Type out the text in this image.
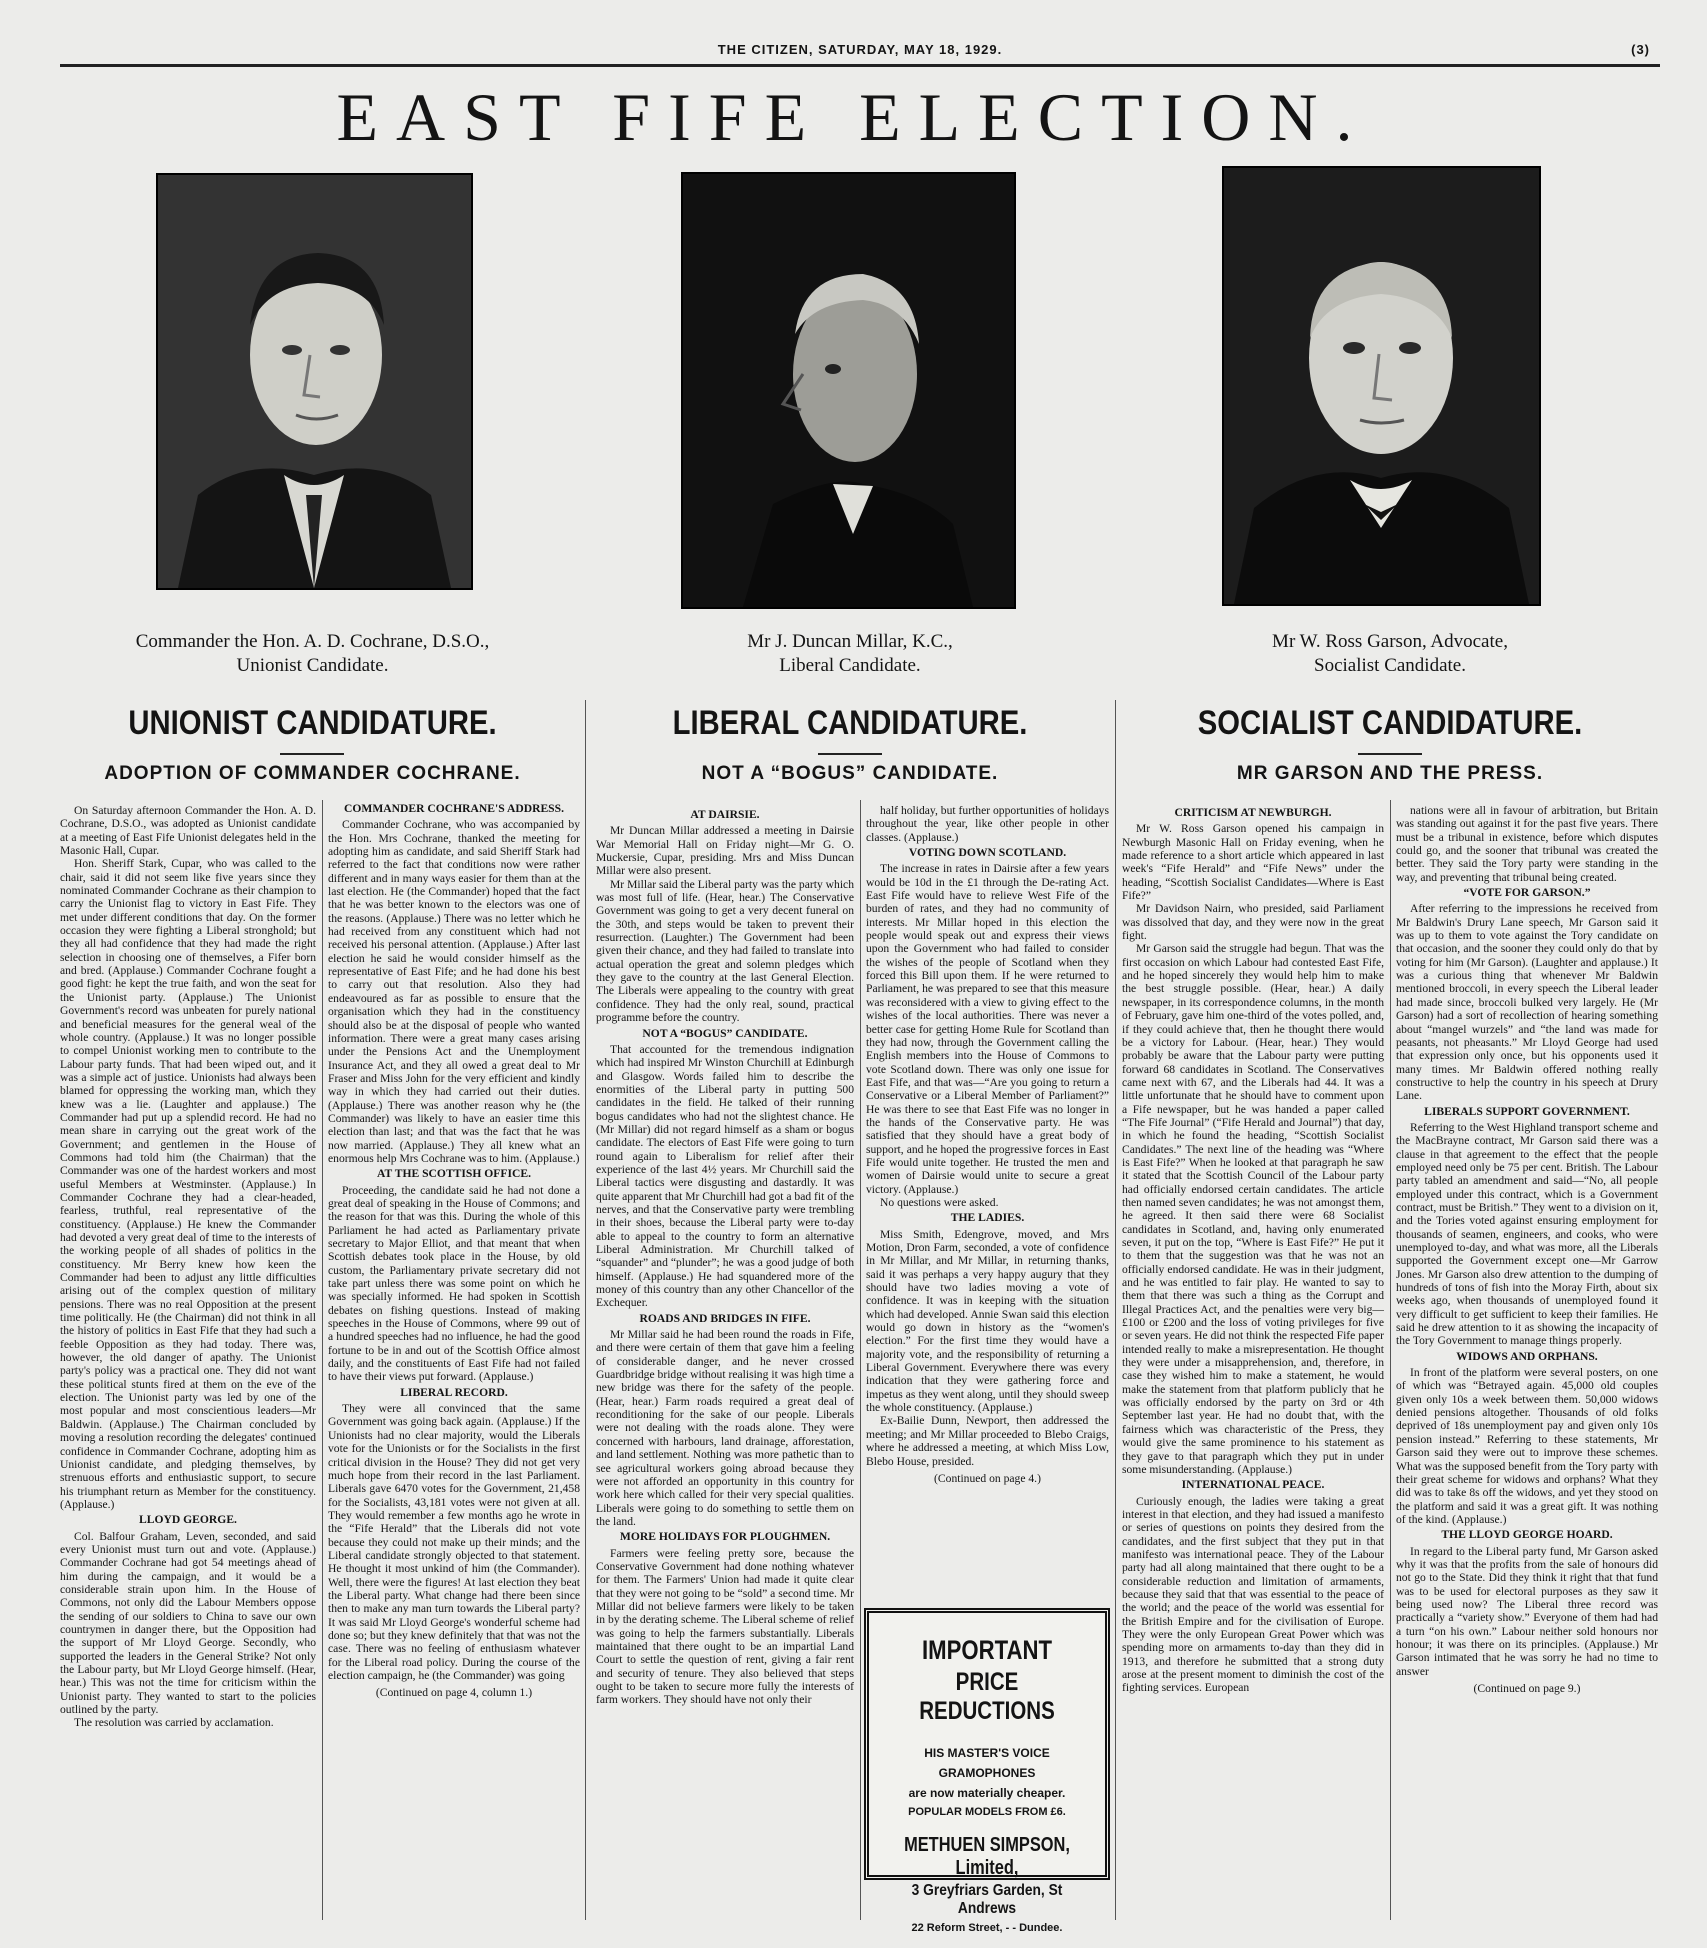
THE CITIZEN, SATURDAY, MAY 18, 1929.	(3)
EAST FIFE ELECTION.
Commander the Hon. A. D. Cochrane, D.S.O.,
Unionist Candidate.
Mr J. Duncan Millar, K.C.,
Liberal Candidate.
Mr W. Ross Garson, Advocate,
Socialist Candidate.
UNIONIST CANDIDATURE.
ADOPTION OF COMMANDER COCHRANE.
LIBERAL CANDIDATURE.
NOT A “BOGUS” CANDIDATE.
SOCIALIST CANDIDATURE.
MR GARSON AND THE PRESS.

On Saturday afternoon Commander the Hon. A. D. Cochrane, D.S.O., was adopted as Unionist candidate at a meeting of East Fife Unionist delegates held in the Masonic Hall, Cupar.

Hon. Sheriff Stark, Cupar, who was called to the chair, said it did not seem like five years since they nominated Commander Cochrane as their champion to carry the Unionist flag to victory in East Fife. They met under different conditions that day. On the former occasion they were fighting a Liberal stronghold; but they all had confidence that they had made the right selection in choosing one of themselves, a Fifer born and bred. (Applause.) Commander Cochrane fought a good fight: he kept the true faith, and won the seat for the Unionist party. (Applause.) The Unionist Government's record was unbeaten for purely national and beneficial measures for the general weal of the whole country. (Applause.) It was no longer possible to compel Unionist working men to contribute to the Labour party funds. That had been wiped out, and it was a simple act of justice. Unionists had always been blamed for oppressing the working man, which they knew was a lie. (Laughter and applause.) The Commander had put up a splendid record. He had no mean share in carrying out the great work of the Government; and gentlemen in the House of Commons had told him (the Chairman) that the Commander was one of the hardest workers and most useful Members at Westminster. (Applause.) In Commander Cochrane they had a clear-headed, fearless, truthful, real representative of the constituency. (Applause.) He knew the Commander had devoted a very great deal of time to the interests of the working people of all shades of politics in the constituency. Mr Berry knew how keen the Commander had been to adjust any little difficulties arising out of the complex question of military pensions. There was no real Opposition at the present time politically. He (the Chairman) did not think in all the history of politics in East Fife that they had such a feeble Opposition as they had today. There was, however, the old danger of apathy. The Unionist party's policy was a practical one. They did not want these political stunts fired at them on the eve of the election. The Unionist party was led by one of the most popular and most conscientious leaders—Mr Baldwin. (Applause.) The Chairman concluded by moving a resolution recording the delegates' continued confidence in Commander Cochrane, adopting him as Unionist candidate, and pledging themselves, by strenuous efforts and enthusiastic support, to secure his triumphant return as Member for the constituency. (Applause.)

LLOYD GEORGE.

Col. Balfour Graham, Leven, seconded, and said every Unionist must turn out and vote. (Applause.) Commander Cochrane had got 54 meetings ahead of him during the campaign, and it would be a considerable strain upon him. In the House of Commons, not only did the Labour Members oppose the sending of our soldiers to China to save our own countrymen in danger there, but the Opposition had the support of Mr Lloyd George. Secondly, who supported the leaders in the General Strike? Not only the Labour party, but Mr Lloyd George himself. (Hear, hear.) This was not the time for criticism within the Unionist party. They wanted to start to the policies outlined by the party.

The resolution was carried by acclamation.

COMMANDER COCHRANE'S ADDRESS.

Commander Cochrane, who was accompanied by the Hon. Mrs Cochrane, thanked the meeting for adopting him as candidate, and said Sheriff Stark had referred to the fact that conditions now were rather different and in many ways easier for them than at the last election. He (the Commander) hoped that the fact that he was better known to the electors was one of the reasons. (Applause.) There was no letter which he had received from any constituent which had not received his personal attention. (Applause.) After last election he said he would consider himself as the representative of East Fife; and he had done his best to carry out that resolution. Also they had endeavoured as far as possible to ensure that the organisation which they had in the constituency should also be at the disposal of people who wanted information. There were a great many cases arising under the Pensions Act and the Unemployment Insurance Act, and they all owed a great deal to Mr Fraser and Miss John for the very efficient and kindly way in which they had carried out their duties. (Applause.) There was another reason why he (the Commander) was likely to have an easier time this election than last; and that was the fact that he was now married. (Applause.) They all knew what an enormous help Mrs Cochrane was to him. (Applause.)

AT THE SCOTTISH OFFICE.

Proceeding, the candidate said he had not done a great deal of speaking in the House of Commons; and the reason for that was this. During the whole of this Parliament he had acted as Parliamentary private secretary to Major Elliot, and that meant that when Scottish debates took place in the House, by old custom, the Parliamentary private secretary did not take part unless there was some point on which he was specially informed. He had spoken in Scottish debates on fishing questions. Instead of making speeches in the House of Commons, where 99 out of a hundred speeches had no influence, he had the good fortune to be in and out of the Scottish Office almost daily, and the constituents of East Fife had not failed to have their views put forward. (Applause.)

LIBERAL RECORD.

They were all convinced that the same Government was going back again. (Applause.) If the Unionists had no clear majority, would the Liberals vote for the Unionists or for the Socialists in the first critical division in the House? They did not get very much hope from their record in the last Parliament. Liberals gave 6470 votes for the Government, 21,458 for the Socialists, 43,181 votes were not given at all. They would remember a few months ago he wrote in the “Fife Herald” that the Liberals did not vote because they could not make up their minds; and the Liberal candidate strongly objected to that statement. He thought it most unkind of him (the Commander). Well, there were the figures! At last election they beat the Liberal party. What change had there been since then to make any man turn towards the Liberal party? It was said Mr Lloyd George's wonderful scheme had done so; but they knew definitely that that was not the case. There was no feeling of enthusiasm whatever for the Liberal road policy. During the course of the election campaign, he (the Commander) was going

(Continued on page 4, column 1.)

AT DAIRSIE.

Mr Duncan Millar addressed a meeting in Dairsie War Memorial Hall on Friday night—Mr G. O. Muckersie, Cupar, presiding. Mrs and Miss Duncan Millar were also present.

Mr Millar said the Liberal party was the party which was most full of life. (Hear, hear.) The Conservative Government was going to get a very decent funeral on the 30th, and steps would be taken to prevent their resurrection. (Laughter.) The Government had been given their chance, and they had failed to translate into actual operation the great and solemn pledges which they gave to the country at the last General Election. The Liberals were appealing to the country with great confidence. They had the only real, sound, practical programme before the country.

NOT A “BOGUS” CANDIDATE.

That accounted for the tremendous indignation which had inspired Mr Winston Churchill at Edinburgh and Glasgow. Words failed him to describe the enormities of the Liberal party in putting 500 candidates in the field. He talked of their running bogus candidates who had not the slightest chance. He (Mr Millar) did not regard himself as a sham or bogus candidate. The electors of East Fife were going to turn round again to Liberalism for relief after their experience of the last 4½ years. Mr Churchill said the Liberal tactics were disgusting and dastardly. It was quite apparent that Mr Churchill had got a bad fit of the nerves, and that the Conservative party were trembling in their shoes, because the Liberal party were to-day able to appeal to the country to form an alternative Liberal Administration. Mr Churchill talked of “squander” and “plunder”; he was a good judge of both himself. (Applause.) He had squandered more of the money of this country than any other Chancellor of the Exchequer.

ROADS AND BRIDGES IN FIFE.

Mr Millar said he had been round the roads in Fife, and there were certain of them that gave him a feeling of considerable danger, and he never crossed Guardbridge bridge without realising it was high time a new bridge was there for the safety of the people. (Hear, hear.) Farm roads required a great deal of reconditioning for the sake of our people. Liberals were not dealing with the roads alone. They were concerned with harbours, land drainage, afforestation, and land settlement. Nothing was more pathetic than to see agricultural workers going abroad because they were not afforded an opportunity in this country for work here which called for their very special qualities. Liberals were going to do something to settle them on the land.

MORE HOLIDAYS FOR PLOUGHMEN.

Farmers were feeling pretty sore, because the Conservative Government had done nothing whatever for them. The Farmers' Union had made it quite clear that they were not going to be “sold” a second time. Mr Millar did not believe farmers were likely to be taken in by the derating scheme. The Liberal scheme of relief was going to help the farmers substantially. Liberals maintained that there ought to be an impartial Land Court to settle the question of rent, giving a fair rent and security of tenure. They also believed that steps ought to be taken to secure more fully the interests of farm workers. They should have not only their

half holiday, but further opportunities of holidays throughout the year, like other people in other classes. (Applause.)

VOTING DOWN SCOTLAND.

The increase in rates in Dairsie after a few years would be 10d in the £1 through the De-rating Act. East Fife would have to relieve West Fife of the burden of rates, and they had no community of interests. Mr Millar hoped in this election the people would speak out and express their views upon the Government who had failed to consider the wishes of the people of Scotland when they forced this Bill upon them. If he were returned to Parliament, he was prepared to see that this measure was reconsidered with a view to giving effect to the wishes of the local authorities. There was never a better case for getting Home Rule for Scotland than they had now, through the Government calling the English members into the House of Commons to vote Scotland down. There was only one issue for East Fife, and that was—“Are you going to return a Conservative or a Liberal Member of Parliament?” He was there to see that East Fife was no longer in the hands of the Conservative party. He was satisfied that they should have a great body of support, and he hoped the progressive forces in East Fife would unite together. He trusted the men and women of Dairsie would unite to secure a great victory. (Applause.)

No questions were asked.

THE LADIES.

Miss Smith, Edengrove, moved, and Mrs Motion, Dron Farm, seconded, a vote of confidence in Mr Millar, and Mr Millar, in returning thanks, said it was perhaps a very happy augury that they should have two ladies moving a vote of confidence. It was in keeping with the situation which had developed. Annie Swan said this election would go down in history as the “women's election.” For the first time they would have a majority vote, and the responsibility of returning a Liberal Government. Everywhere there was every indication that they were gathering force and impetus as they went along, until they should sweep the whole constituency. (Applause.)

Ex-Bailie Dunn, Newport, then addressed the meeting; and Mr Millar proceeded to Blebo Craigs, where he addressed a meeting, at which Miss Low, Blebo House, presided.

(Continued on page 4.)

IMPORTANT
PRICE REDUCTIONS
HIS MASTER'S VOICE
GRAMOPHONES
are now materially cheaper.
POPULAR MODELS FROM £6.
METHUEN SIMPSON, Limited,
3 Greyfriars Garden, St Andrews
22 Reform Street, - - Dundee.

CRITICISM AT NEWBURGH.

Mr W. Ross Garson opened his campaign in Newburgh Masonic Hall on Friday evening, when he made reference to a short article which appeared in last week's “Fife Herald” and “Fife News” under the heading, “Scottish Socialist Candidates—Where is East Fife?”

Mr Davidson Nairn, who presided, said Parliament was dissolved that day, and they were now in the great fight.

Mr Garson said the struggle had begun. That was the first occasion on which Labour had contested East Fife, and he hoped sincerely they would help him to make the best struggle possible. (Hear, hear.) A daily newspaper, in its correspondence columns, in the month of February, gave him one-third of the votes polled, and, if they could achieve that, then he thought there would be a victory for Labour. (Hear, hear.) They would probably be aware that the Labour party were putting forward 68 candidates in Scotland. The Conservatives came next with 67, and the Liberals had 44. It was a little unfortunate that he should have to comment upon a Fife newspaper, but he was handed a paper called “The Fife Journal” (“Fife Herald and Journal”) that day, in which he found the heading, “Scottish Socialist Candidates.” The next line of the heading was “Where is East Fife?” When he looked at that paragraph he saw it stated that the Scottish Council of the Labour party had officially endorsed certain candidates. The article then named seven candidates; he was not amongst them, he agreed. It then said there were 68 Socialist candidates in Scotland, and, having only enumerated seven, it put on the top, “Where is East Fife?” He put it to them that the suggestion was that he was not an officially endorsed candidate. He was in their judgment, and he was entitled to fair play. He wanted to say to them that there was such a thing as the Corrupt and Illegal Practices Act, and the penalties were very big—£100 or £200 and the loss of voting privileges for five or seven years. He did not think the respected Fife paper intended really to make a misrepresentation. He thought they were under a misapprehension, and, therefore, in case they wished him to make a statement, he would make the statement from that platform publicly that he was officially endorsed by the party on 3rd or 4th September last year. He had no doubt that, with the fairness which was characteristic of the Press, they would give the same prominence to his statement as they gave to that paragraph which they put in under some misunderstanding. (Applause.)

INTERNATIONAL PEACE.

Curiously enough, the ladies were taking a great interest in that election, and they had issued a manifesto or series of questions on points they desired from the candidates, and the first subject that they put in that manifesto was international peace. They of the Labour party had all along maintained that there ought to be a considerable reduction and limitation of armaments, because they said that that was essential to the peace of the world; and the peace of the world was essential for the British Empire and for the civilisation of Europe. They were the only European Great Power which was spending more on armaments to-day than they did in 1913, and therefore he submitted that a strong duty arose at the present moment to diminish the cost of the fighting services. European

nations were all in favour of arbitration, but Britain was standing out against it for the past five years. There must be a tribunal in existence, before which disputes could go, and the sooner that tribunal was created the better. They said the Tory party were standing in the way, and preventing that tribunal being created.

“VOTE FOR GARSON.”

After referring to the impressions he received from Mr Baldwin's Drury Lane speech, Mr Garson said it was up to them to vote against the Tory candidate on that occasion, and the sooner they could only do that by voting for him (Mr Garson). (Laughter and applause.) It was a curious thing that whenever Mr Baldwin mentioned broccoli, in every speech the Liberal leader had made since, broccoli bulked very largely. He (Mr Garson) had a sort of recollection of hearing something about “mangel wurzels” and “the land was made for peasants, not pheasants.” Mr Lloyd George had used that expression only once, but his opponents used it many times. Mr Baldwin offered nothing really constructive to help the country in his speech at Drury Lane.

LIBERALS SUPPORT GOVERNMENT.

Referring to the West Highland transport scheme and the MacBrayne contract, Mr Garson said there was a clause in that agreement to the effect that the people employed need only be 75 per cent. British. The Labour party tabled an amendment and said—“No, all people employed under this contract, which is a Government contract, must be British.” They went to a division on it, and the Tories voted against ensuring employment for thousands of seamen, engineers, and cooks, who were unemployed to-day, and what was more, all the Liberals supported the Government except one—Mr Garrow Jones. Mr Garson also drew attention to the dumping of hundreds of tons of fish into the Moray Firth, about six weeks ago, when thousands of unemployed found it very difficult to get sufficient to keep their families. He said he drew attention to it as showing the incapacity of the Tory Government to manage things properly.

WIDOWS AND ORPHANS.

In front of the platform were several posters, on one of which was “Betrayed again. 45,000 old couples given only 10s a week between them. 50,000 widows denied pensions altogether. Thousands of old folks deprived of 18s unemployment pay and given only 10s pension instead.” Referring to these statements, Mr Garson said they were out to improve these schemes. What was the supposed benefit from the Tory party with their great scheme for widows and orphans? What they did was to take 8s off the widows, and yet they stood on the platform and said it was a great gift. It was nothing of the kind. (Applause.)

THE LLOYD GEORGE HOARD.

In regard to the Liberal party fund, Mr Garson asked why it was that the profits from the sale of honours did not go to the State. Did they think it right that that fund was to be used for electoral purposes as they saw it being used now? The Liberal three record was practically a “variety show.” Everyone of them had had a turn “on his own.” Labour neither sold honours nor honour; it was there on its principles. (Applause.) Mr Garson intimated that he was sorry he had no time to answer

(Continued on page 9.)
